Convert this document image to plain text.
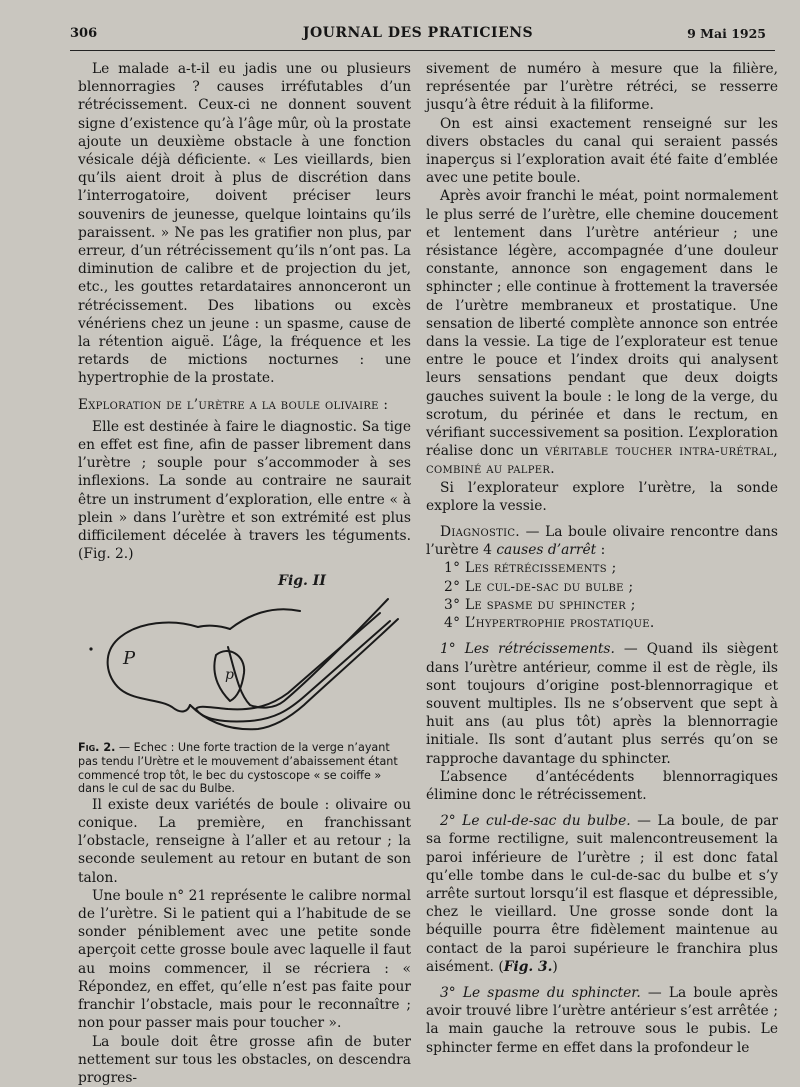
306	JOURNAL DES PRATICIENS	9 Mai 1925

Le malade a-t-il eu jadis une ou plusieurs blennorragies ? causes irréfutables d’un rétrécissement. Ceux-ci ne donnent souvent signe d’existence qu’à l’âge mûr, où la prostate ajoute un deuxième obstacle à une fonction vésicale déjà déficiente. « Les vieillards, bien qu’ils aient droit à plus de discrétion dans l’interrogatoire, doivent préciser leurs souvenirs de jeunesse, quelque lointains qu’ils paraissent. » Ne pas les gratifier non plus, par erreur, d’un rétrécissement qu’ils n’ont pas. La diminution de calibre et de projection du jet, etc., les gouttes retardataires annonceront un rétrécissement. Des libations ou excès vénériens chez un jeune : un spasme, cause de la rétention aiguë. L’âge, la fréquence et les retards de mictions nocturnes : une hypertrophie de la prostate.

Exploration de l’urètre a la boule olivaire :

Elle est destinée à faire le diagnostic. Sa tige en effet est fine, afin de passer librement dans l’urètre ; souple pour s’accommoder à ses inflexions. La sonde au contraire ne saurait être un instrument d’exploration, elle entre « à plein » dans l’urètre et son extrémité est plus difficilement décelée à travers les téguments. (Fig. 2.)

P
p
Fig. II

Fig. 2. — Echec : Une forte traction de la verge n’ayant pas tendu l’Urètre et le mouvement d’abaissement étant commencé trop tôt, le bec du cystoscope « se coiffe » dans le cul de sac du Bulbe.

Il existe deux variétés de boule : olivaire ou conique. La première, en franchissant l’obstacle, renseigne à l’aller et au retour ; la seconde seulement au retour en butant de son talon.

Une boule n° 21 représente le calibre normal de l’urètre. Si le patient qui a l’habitude de se sonder péniblement avec une petite sonde aperçoit cette grosse boule avec laquelle il faut au moins commencer, il se récriera : « Répondez, en effet, qu’elle n’est pas faite pour franchir l’obstacle, mais pour le reconnaître ; non pour passer mais pour toucher ».

La boule doit être grosse afin de buter nettement sur tous les obstacles, on descendra progres-

sivement de numéro à mesure que la filière, représentée par l’urètre rétréci, se resserre jusqu’à être réduit à la filiforme.

On est ainsi exactement renseigné sur les divers obstacles du canal qui seraient passés inaperçus si l’exploration avait été faite d’emblée avec une petite boule.

Après avoir franchi le méat, point normalement le plus serré de l’urètre, elle chemine doucement et lentement dans l’urètre antérieur ; une résistance légère, accompagnée d’une douleur constante, annonce son engagement dans le sphincter ; elle continue à frottement la traversée de l’urètre membraneux et prostatique. Une sensation de liberté complète annonce son entrée dans la vessie. La tige de l’explorateur est tenue entre le pouce et l’index droits qui analysent leurs sensations pendant que deux doigts gauches suivent la boule : le long de la verge, du scrotum, du périnée et dans le rectum, en vérifiant successivement sa position. L’exploration réalise donc un véritable toucher intra-urétral, combiné au palper.

Si l’explorateur explore l’urètre, la sonde explore la vessie.

Diagnostic. — La boule olivaire rencontre dans l’urètre 4 causes d’arrêt :

1° Les rétrécissements ;
2° Le cul-de-sac du bulbe ;
3° Le spasme du sphincter ;
4° L’hypertrophie prostatique.

1° Les rétrécissements. — Quand ils siègent dans l’urètre antérieur, comme il est de règle, ils sont toujours d’origine post-blennorragique et souvent multiples. Ils ne s’observent que sept à huit ans (au plus tôt) après la blennorragie initiale. Ils sont d’autant plus serrés qu’on se rapproche davantage du sphincter.

L’absence d’antécédents blennorragiques élimine donc le rétrécissement.

2° Le cul-de-sac du bulbe. — La boule, de par sa forme rectiligne, suit malencontreusement la paroi inférieure de l’urètre ; il est donc fatal qu’elle tombe dans le cul-de-sac du bulbe et s’y arrête surtout lorsqu’il est flasque et dépressible, chez le vieillard. Une grosse sonde dont la béquille pourra être fidèlement maintenue au contact de la paroi supérieure le franchira plus aisément. (Fig. 3.)

3° Le spasme du sphincter. — La boule après avoir trouvé libre l’urètre antérieur s’est arrêtée ; la main gauche la retrouve sous le pubis. Le sphincter ferme en effet dans la profondeur le
